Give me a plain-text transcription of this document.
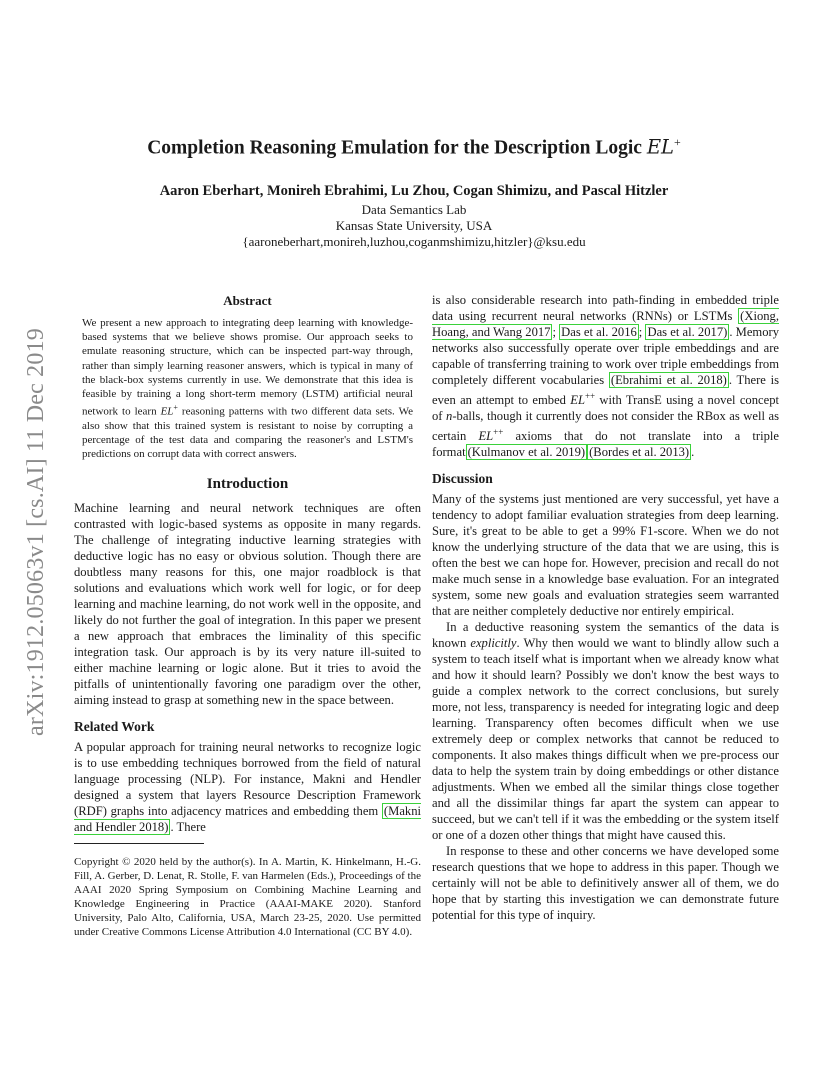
arXiv:1912.05063v1 [cs.AI] 11 Dec 2019
Completion Reasoning Emulation for the Description Logic EL+
Aaron Eberhart, Monireh Ebrahimi, Lu Zhou, Cogan Shimizu, and Pascal Hitzler
Data Semantics Lab
Kansas State University, USA
{aaroneberhart,monireh,luzhou,coganmshimizu,hitzler}@ksu.edu
Abstract

We present a new approach to integrating deep learning with knowledge-based systems that we believe shows promise. Our approach seeks to emulate reasoning structure, which can be inspected part-way through, rather than simply learning reasoner answers, which is typical in many of the black-box systems currently in use. We demonstrate that this idea is feasible by training a long short-term memory (LSTM) artificial neural network to learn EL+ reasoning patterns with two different data sets. We also show that this trained system is resistant to noise by corrupting a percentage of the test data and comparing the reasoner's and LSTM's predictions on corrupt data with correct answers.

Introduction

Machine learning and neural network techniques are often contrasted with logic-based systems as opposite in many regards. The challenge of integrating inductive learning strategies with deductive logic has no easy or obvious solution. Though there are doubtless many reasons for this, one major roadblock is that solutions and evaluations which work well for logic, or for deep learning and machine learning, do not work well in the opposite, and likely do not further the goal of integration. In this paper we present a new approach that embraces the liminality of this specific integration task. Our approach is by its very nature ill-suited to either machine learning or logic alone. But it tries to avoid the pitfalls of unintentionally favoring one paradigm over the other, aiming instead to grasp at something new in the space between.

Related Work

A popular approach for training neural networks to recognize logic is to use embedding techniques borrowed from the field of natural language processing (NLP). For instance, Makni and Hendler designed a system that layers Resource Description Framework (RDF) graphs into adjacency matrices and embedding them (Makni and Hendler 2018) . There

Copyright © 2020 held by the author(s). In A. Martin, K. Hinkelmann, H.-G. Fill, A. Gerber, D. Lenat, R. Stolle, F. van Harmelen (Eds.), Proceedings of the AAAI 2020 Spring Symposium on Combining Machine Learning and Knowledge Engineering in Practice (AAAI-MAKE 2020). Stanford University, Palo Alto, California, USA, March 23-25, 2020. Use permitted under Creative Commons License Attribution 4.0 International (CC BY 4.0).

is also considerable research into path-finding in embedded triple data using recurrent neural networks (RNNs) or LSTMs (Xiong, Hoang, and Wang 2017 ; Das et al. 2016 ; Das et al. 2017) . Memory networks also successfully operate over triple embeddings and are capable of transferring training to work over triple embeddings from completely different vocabularies (Ebrahimi et al. 2018) . There is even an attempt to embed EL++ with TransE using a novel concept of n-balls, though it currently does not consider the RBox as well as certain EL++ axioms that do not translate into a triple format (Kulmanov et al. 2019) (Bordes et al. 2013) .

Discussion

Many of the systems just mentioned are very successful, yet have a tendency to adopt familiar evaluation strategies from deep learning. Sure, it's great to be able to get a 99% F1-score. When we do not know the underlying structure of the data that we are using, this is often the best we can hope for. However, precision and recall do not make much sense in a knowledge base evaluation. For an integrated system, some new goals and evaluation strategies seem warranted that are neither completely deductive nor entirely empirical.

In a deductive reasoning system the semantics of the data is known explicitly. Why then would we want to blindly allow such a system to teach itself what is important when we already know what and how it should learn? Possibly we don't know the best ways to guide a complex network to the correct conclusions, but surely more, not less, transparency is needed for integrating logic and deep learning. Transparency often becomes difficult when we use extremely deep or complex networks that cannot be reduced to components. It also makes things difficult when we pre-process our data to help the system train by doing embeddings or other distance adjustments. When we embed all the similar things close together and all the dissimilar things far apart the system can appear to succeed, but we can't tell if it was the embedding or the system itself or one of a dozen other things that might have caused this.

In response to these and other concerns we have developed some research questions that we hope to address in this paper. Though we certainly will not be able to definitively answer all of them, we do hope that by starting this investigation we can demonstrate future potential for this type of inquiry.
